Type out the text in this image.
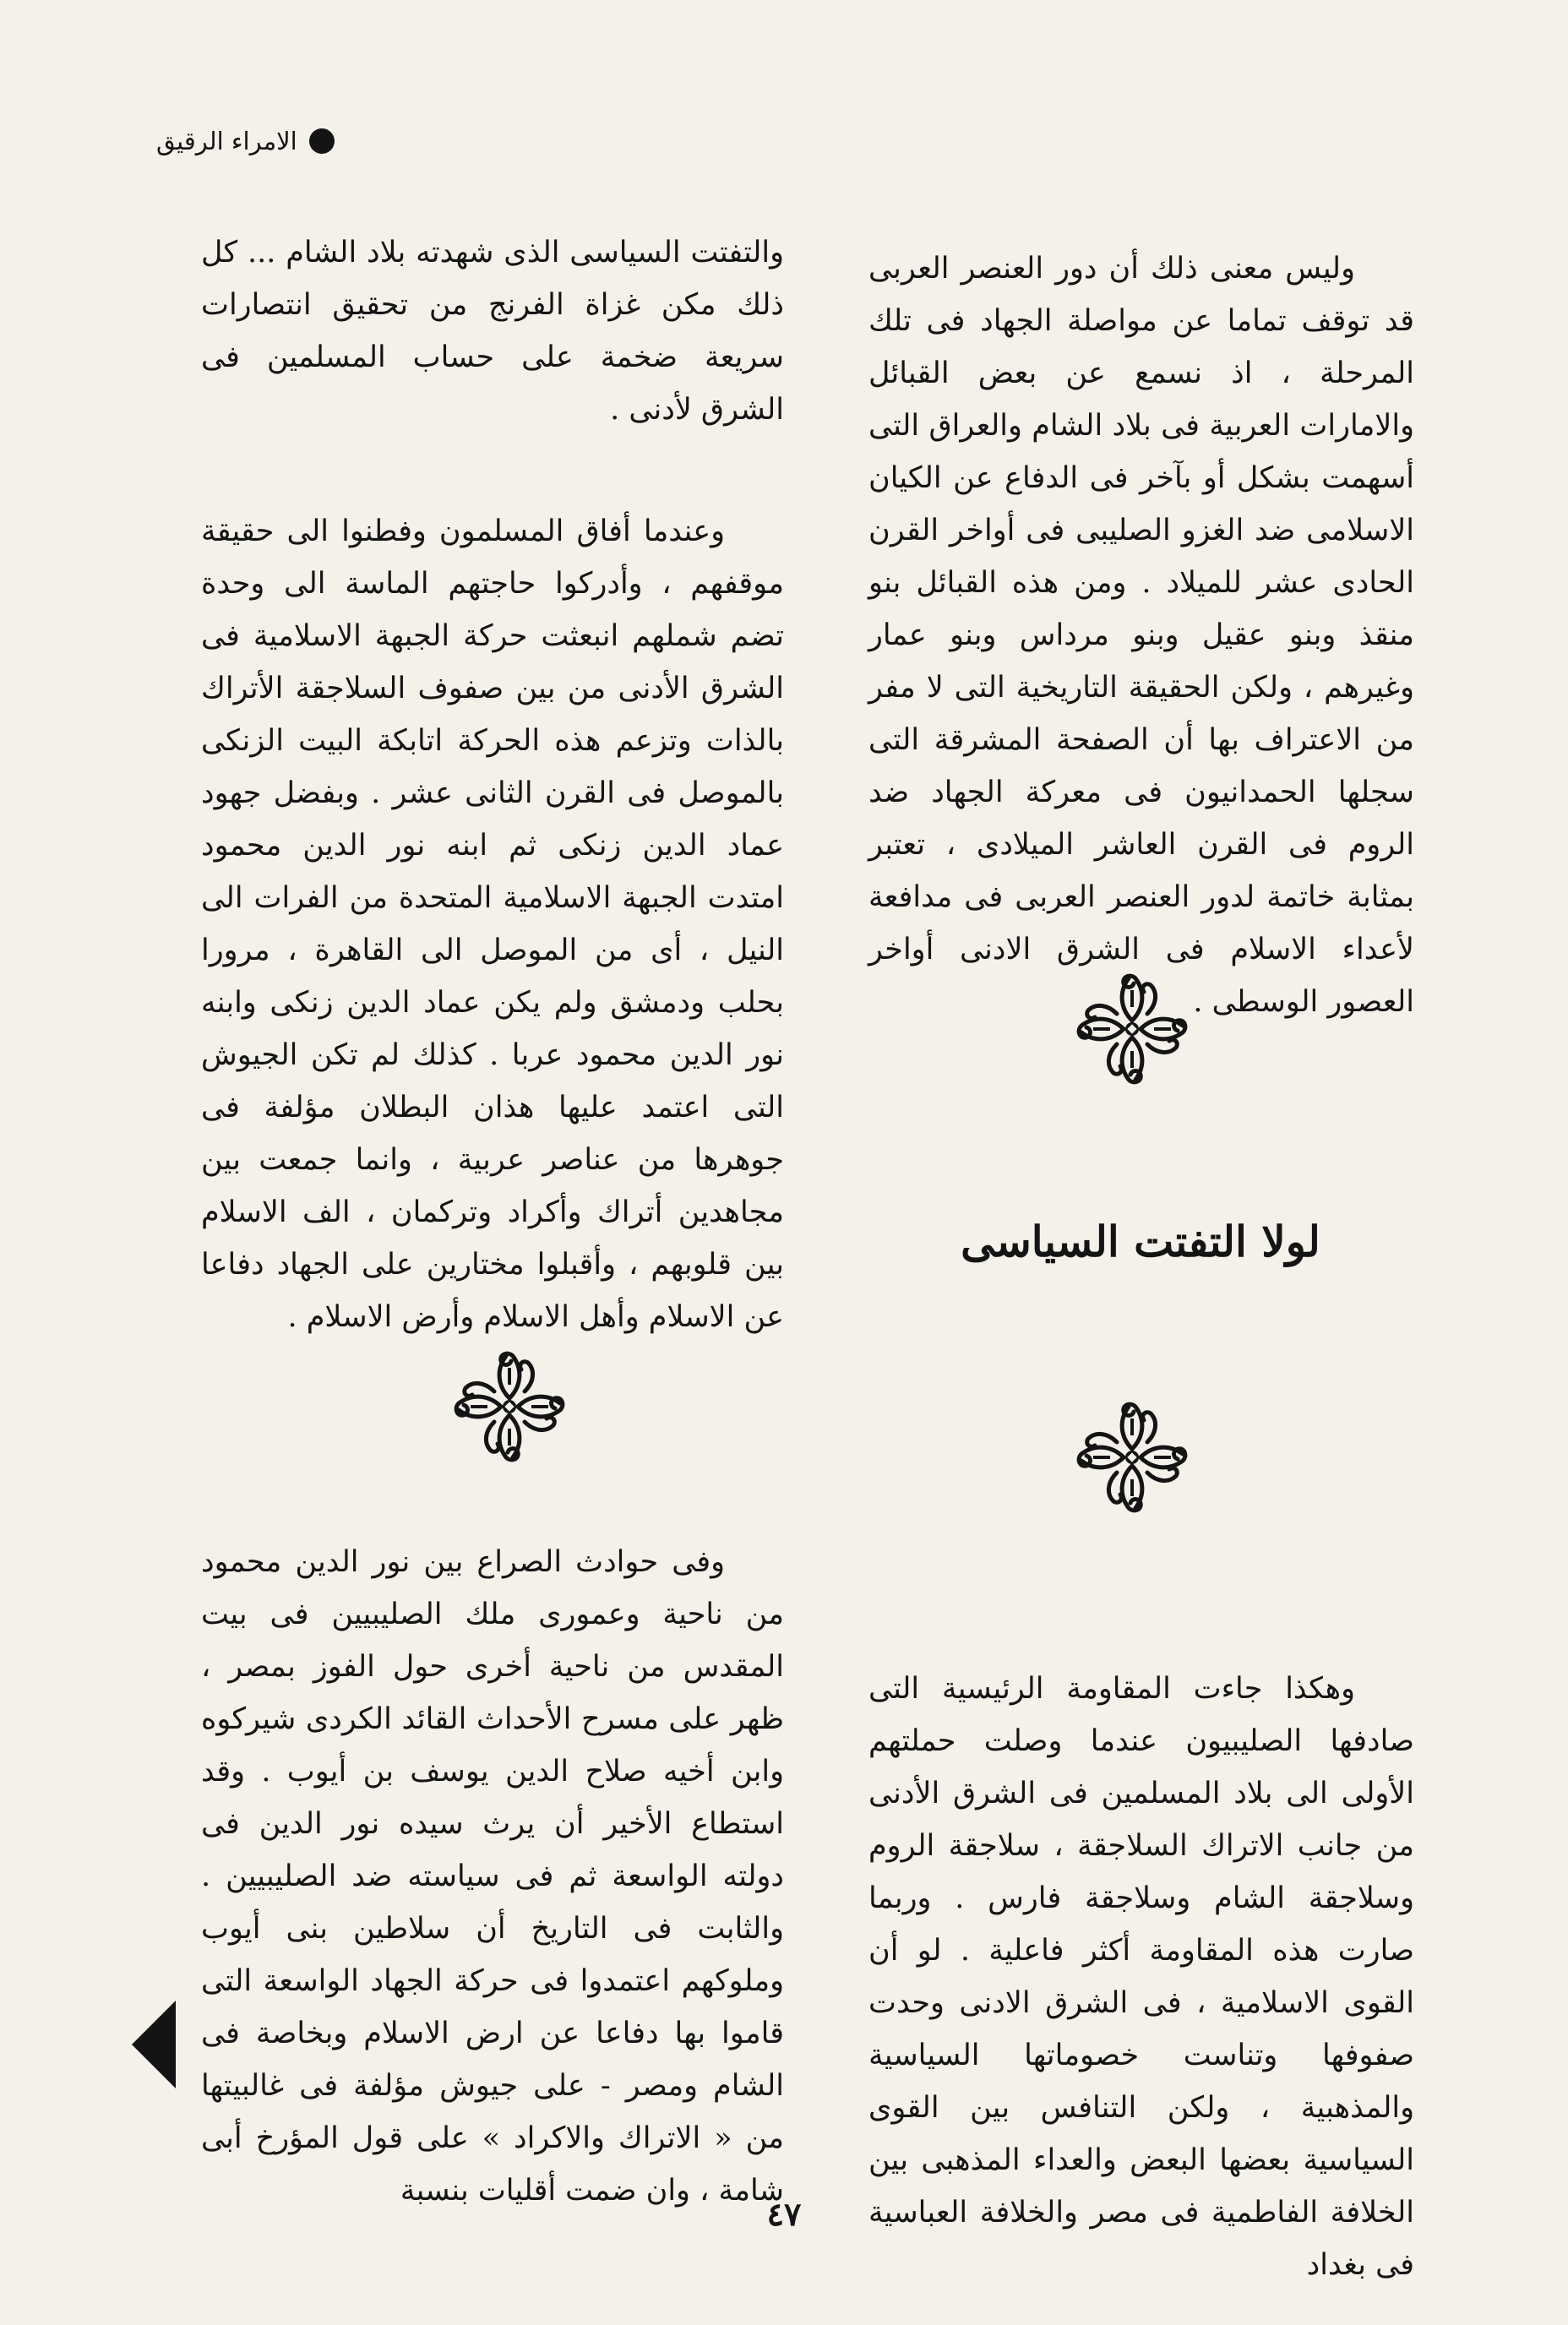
الامراء الرقيق

وليس معنى ذلك أن دور العنصر العربى قد توقف تماما عن مواصلة الجهاد فى تلك المرحلة ، اذ نسمع عن بعض القبائل والامارات العربية فى بلاد الشام والعراق التى أسهمت بشكل أو بآخر فى الدفاع عن الكيان الاسلامى ضد الغزو الصليبى فى أواخر القرن الحادى عشر للميلاد . ومن هذه القبائل بنو منقذ وبنو عقيل وبنو مرداس وبنو عمار وغيرهم ، ولكن الحقيقة التاريخية التى لا مفر من الاعتراف بها أن الصفحة المشرقة التى سجلها الحمدانيون فى معركة الجهاد ضد الروم فى القرن العاشر الميلادى ، تعتبر بمثابة خاتمة لدور العنصر العربى فى مدافعة لأعداء الاسلام فى الشرق الادنى أواخر العصور الوسطى .

لولا التفتت السياسى

وهكذا جاءت المقاومة الرئيسية التى صادفها الصليبيون عندما وصلت حملتهم الأولى الى بلاد المسلمين فى الشرق الأدنى من جانب الاتراك السلاجقة ، سلاجقة الروم وسلاجقة الشام وسلاجقة فارس . وربما صارت هذه المقاومة أكثر فاعلية . لو أن القوى الاسلامية ، فى الشرق الادنى وحدت صفوفها وتناست خصوماتها السياسية والمذهبية ، ولكن التنافس بين القوى السياسية بعضها البعض والعداء المذهبى بين الخلافة الفاطمية فى مصر والخلافة العباسية فى بغداد

والتفتت السياسى الذى شهدته بلاد الشام ... كل ذلك مكن غزاة الفرنج من تحقيق انتصارات سريعة ضخمة على حساب المسلمين فى الشرق لأدنى .

وعندما أفاق المسلمون وفطنوا الى حقيقة موقفهم ، وأدركوا حاجتهم الماسة الى وحدة تضم شملهم انبعثت حركة الجبهة الاسلامية فى الشرق الأدنى من بين صفوف السلاجقة الأتراك بالذات وتزعم هذه الحركة اتابكة البيت الزنكى بالموصل فى القرن الثانى عشر . وبفضل جهود عماد الدين زنكى ثم ابنه نور الدين محمود امتدت الجبهة الاسلامية المتحدة من الفرات الى النيل ، أى من الموصل الى القاهرة ، مرورا بحلب ودمشق ولم يكن عماد الدين زنكى وابنه نور الدين محمود عربا . كذلك لم تكن الجيوش التى اعتمد عليها هذان البطلان مؤلفة فى جوهرها من عناصر عربية ، وانما جمعت بين مجاهدين أتراك وأكراد وتركمان ، الف الاسلام بين قلوبهم ، وأقبلوا مختارين على الجهاد دفاعا عن الاسلام وأهل الاسلام وأرض الاسلام .

وفى حوادث الصراع بين نور الدين محمود من ناحية وعمورى ملك الصليبيين فى بيت المقدس من ناحية أخرى حول الفوز بمصر ، ظهر على مسرح الأحداث القائد الكردى شيركوه وابن أخيه صلاح الدين يوسف بن أيوب . وقد استطاع الأخير أن يرث سيده نور الدين فى دولته الواسعة ثم فى سياسته ضد الصليبيين . والثابت فى التاريخ أن سلاطين بنى أيوب وملوكهم اعتمدوا فى حركة الجهاد الواسعة التى قاموا بها دفاعا عن ارض الاسلام وبخاصة فى الشام ومصر - على جيوش مؤلفة فى غالبيتها من « الاتراك والاكراد » على قول المؤرخ أبى شامة ، وان ضمت أقليات بنسبة

٤٧
